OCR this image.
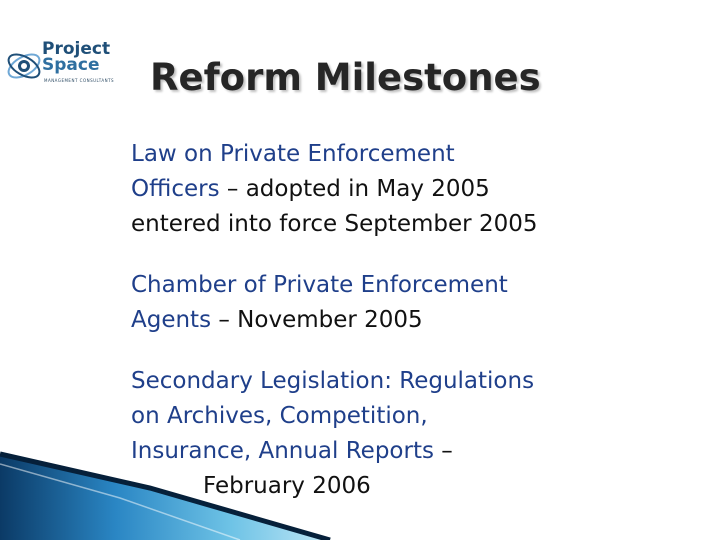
Project
Space
MANAGEMENT CONSULTANTS Reform Milestones
Law on Private Enforcement
Officers – adopted in May 2005
entered into force September 2005
Chamber of Private Enforcement
Agents – November 2005
Secondary Legislation: Regulations
on Archives, Competition,
Insurance, Annual Reports –
February 2006
